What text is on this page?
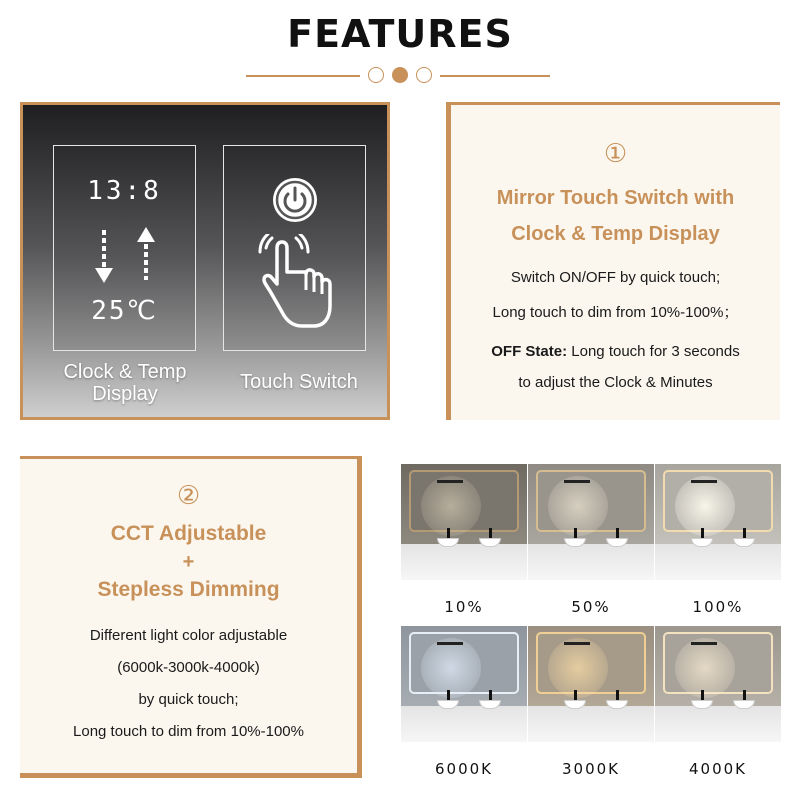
FEATURES
13:8
25℃
Clock & Temp
Display
Touch Switch
①
Mirror Touch Switch with
Clock & Temp Display
Switch ON/OFF by quick touch;
Long touch to dim from 10%-100%；
OFF State: Long touch for 3 seconds
to adjust the Clock & Minutes
②
CCT Adjustable
+
Stepless Dimming
Different light color adjustable
(6000k-3000k-4000k)
by quick touch;
Long touch to dim from 10%-100%
10%	50%	100%
6000K	3000K	4000K
